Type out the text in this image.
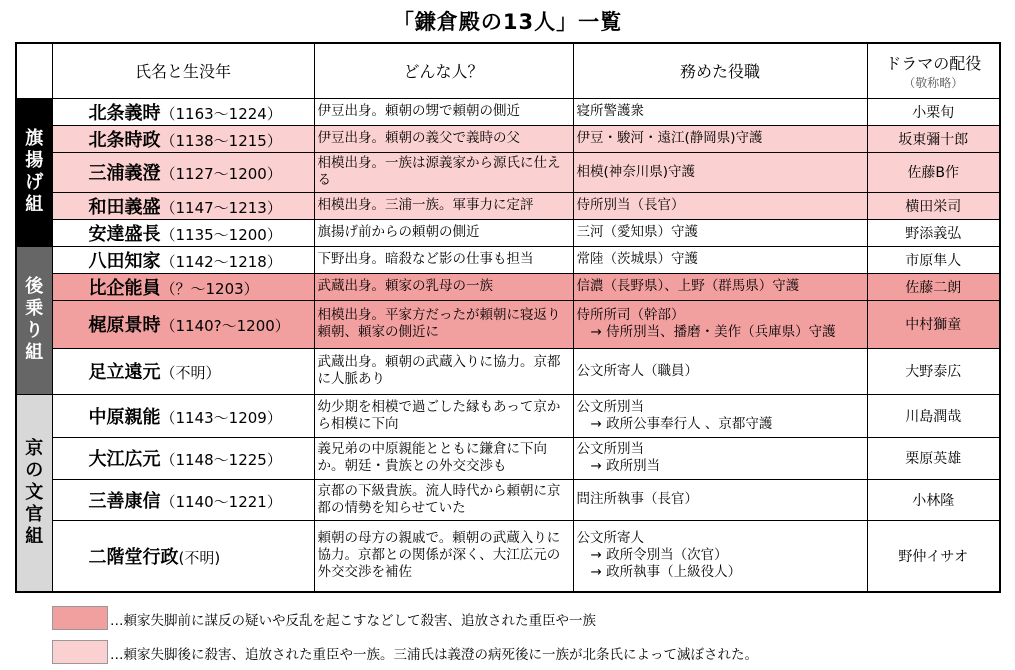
「鎌倉殿の13人」一覧
	氏名と生没年	どんな人？	務めた役職	ドラマの配役
（敬称略）

旗揚げ組	北条義時（1163〜1224）	伊豆出身。頼朝の甥で頼朝の側近	寝所警護衆	小栗旬
	北条時政（1138〜1215）	伊豆出身。頼朝の義父で義時の父	伊豆・駿河・遠江(静岡県)守護	坂東彌十郎
	三浦義澄（1127〜1200）	相模出身。一族は源義家から源氏に仕える	相模(神奈川県)守護	佐藤B作
	和田義盛（1147〜1213）	相模出身。三浦一族。軍事力に定評	侍所別当（長官）	横田栄司
	安達盛長（1135〜1200）	旗揚げ前からの頼朝の側近	三河（愛知県）守護	野添義弘
後乗り組	八田知家（1142〜1218）	下野出身。暗殺など影の仕事も担当	常陸（茨城県）守護	市原隼人
	比企能員（？〜1203）	武蔵出身。頼家の乳母の一族	信濃（長野県）、上野（群馬県）守護	佐藤二朗
	梶原景時（1140?〜1200）	相模出身。平家方だったが頼朝に寝返り頼朝、頼家の側近に	侍所所司（幹部）
→ 侍所別当、播磨・美作（兵庫県）守護	中村獅童
	足立遠元（不明）	武蔵出身。頼朝の武蔵入りに協力。京都に人脈あり	公文所寄人（職員）	大野泰広
京の文官組	中原親能（1143〜1209）	幼少期を相模で過ごした縁もあって京から相模に下向	公文所別当
→ 政所公事奉行人 、京都守護	川島潤哉
	大江広元（1148〜1225）	義兄弟の中原親能とともに鎌倉に下向か。朝廷・貴族との外交交渉も	公文所別当
→ 政所別当	栗原英雄
	三善康信（1140〜1221）	京都の下級貴族。流人時代から頼朝に京都の情勢を知らせていた	問注所執事（長官）	小林隆
	二階堂行政(不明)	頼朝の母方の親戚で。頼朝の武蔵入りに協力。京都との関係が深く、大江広元の外交交渉を補佐	公文所寄人
→ 政所令別当（次官）
→ 政所執事（上級役人）	野仲イサオ
…頼家失脚前に謀反の疑いや反乱を起こすなどして殺害、追放された重臣や一族
…頼家失脚後に殺害、追放された重臣や一族。三浦氏は義澄の病死後に一族が北条氏によって滅ぼされた。
